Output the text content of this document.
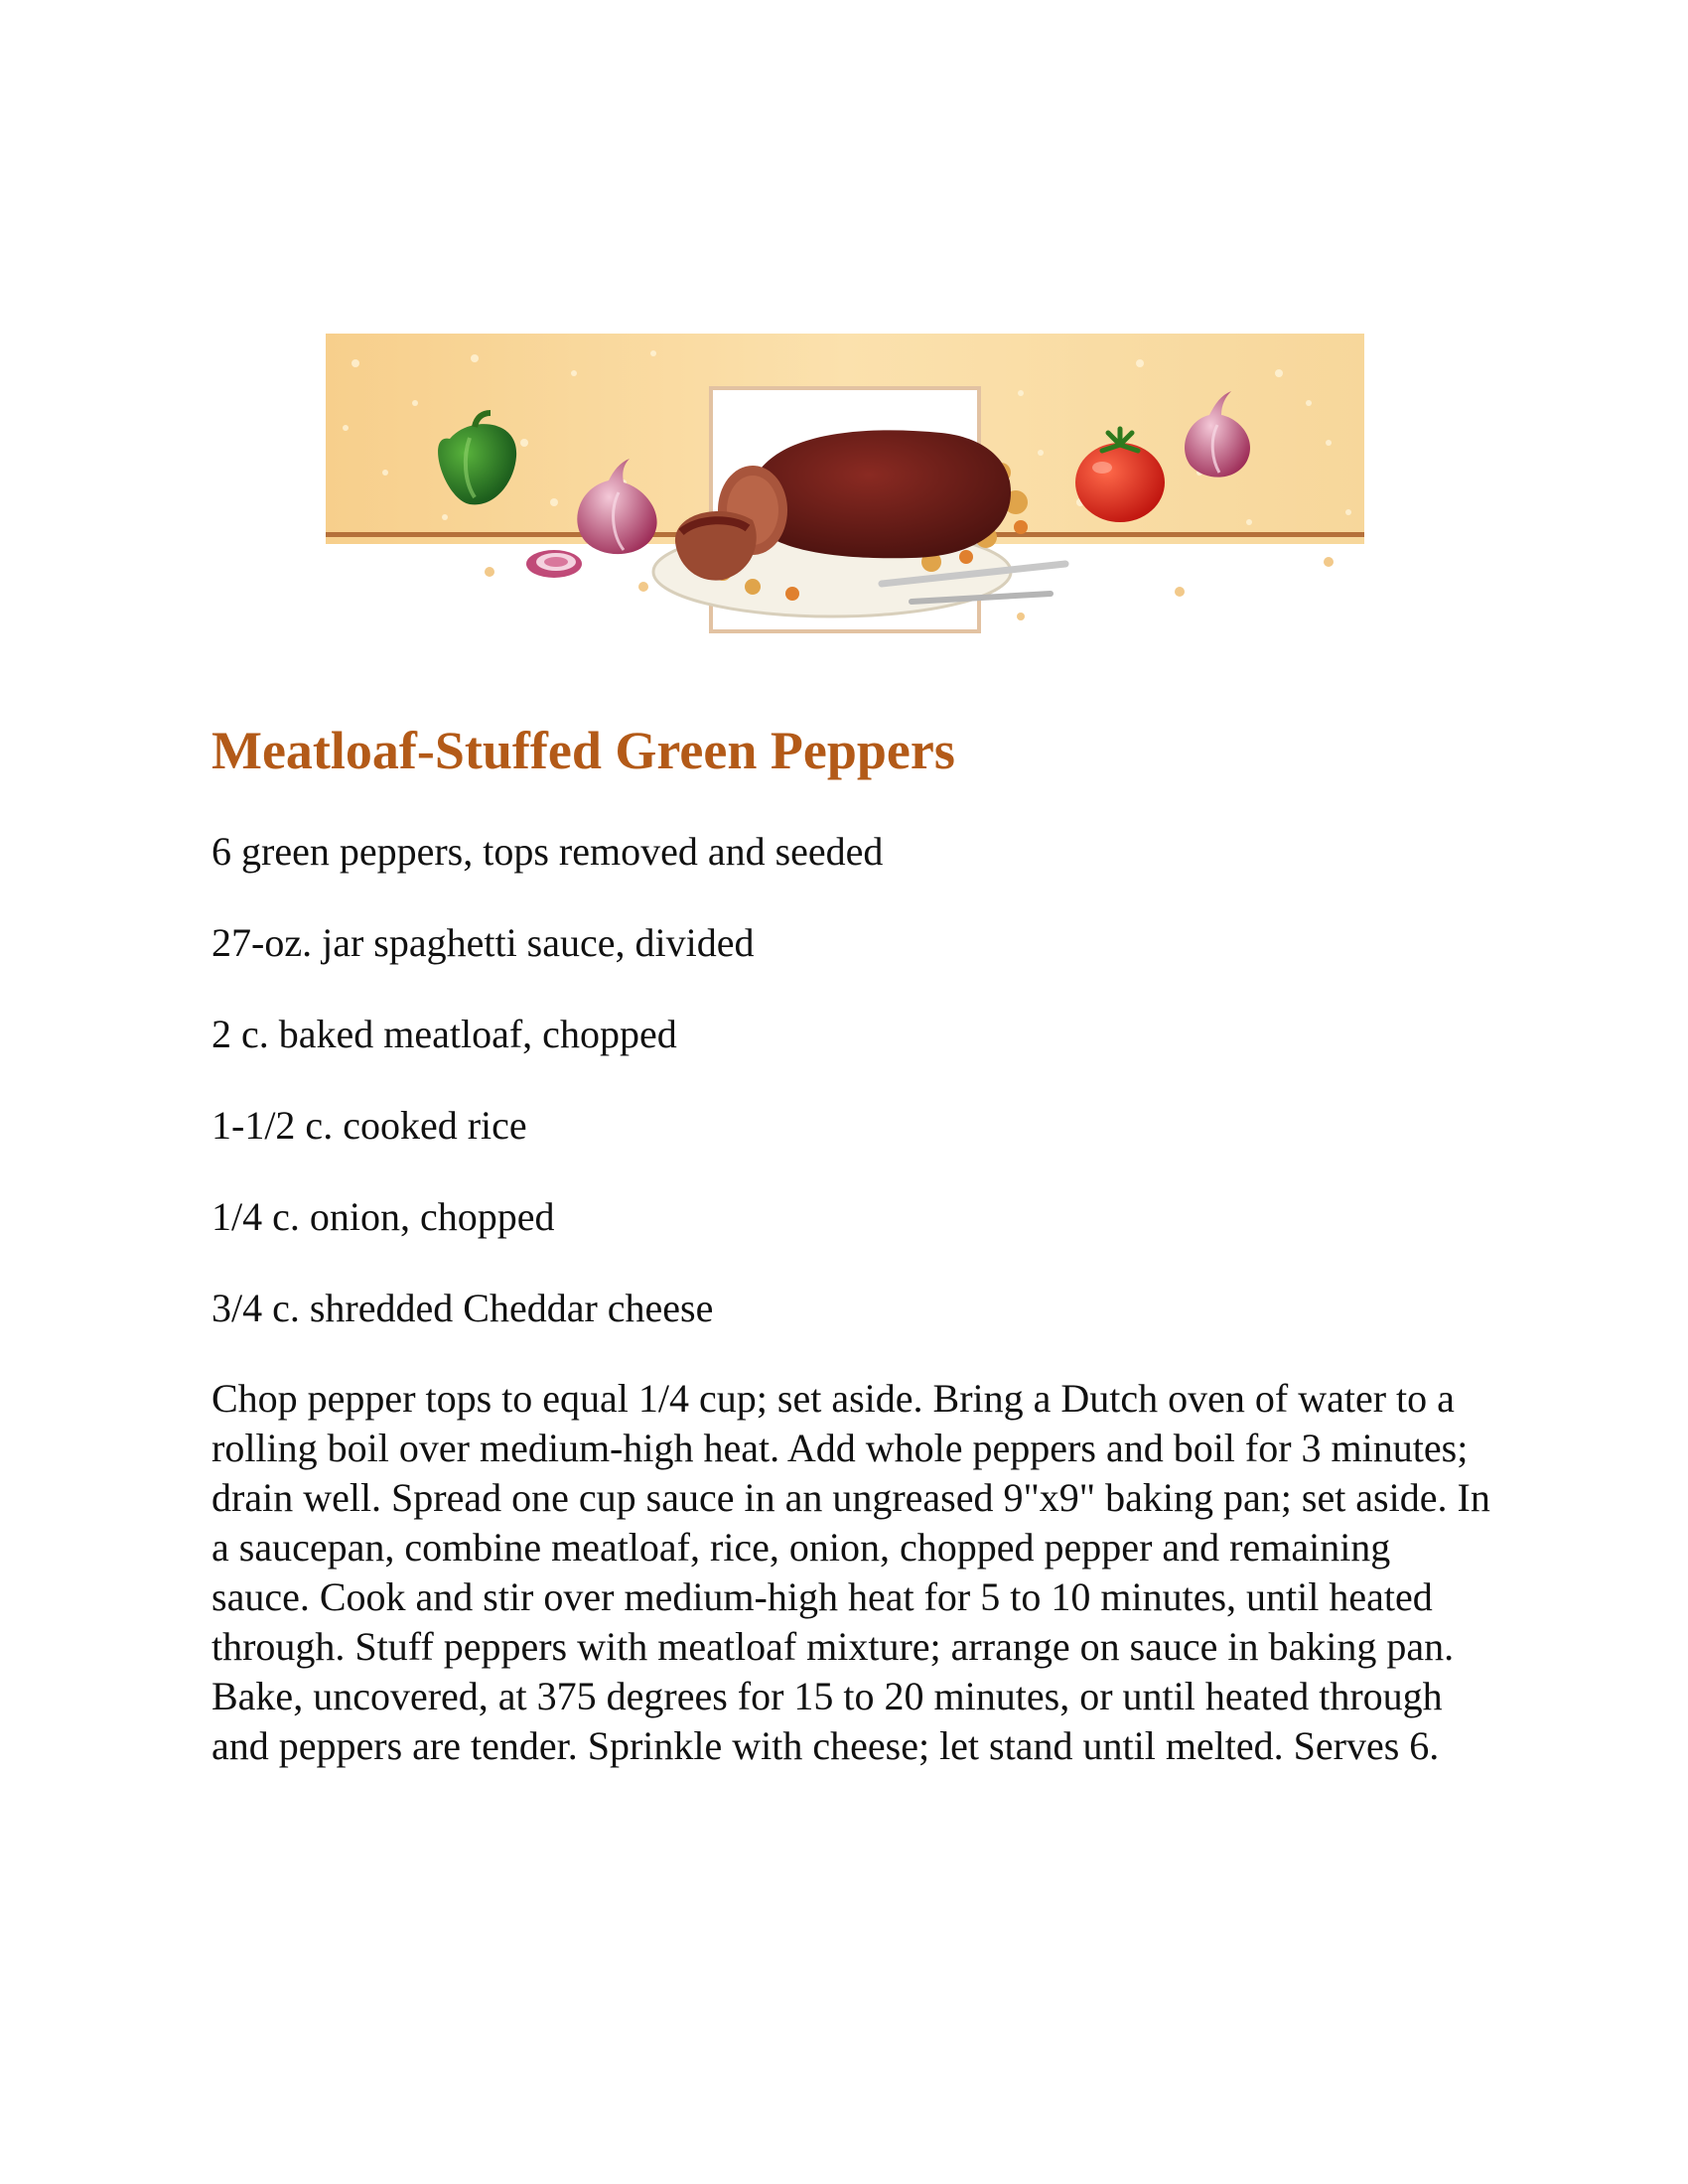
Meatloaf-Stuffed Green Peppers
6 green peppers, tops removed and seeded
27-oz. jar spaghetti sauce, divided
2 c. baked meatloaf, chopped
1-1/2 c. cooked rice
1/4 c. onion, chopped
3/4 c. shredded Cheddar cheese

Chop pepper tops to equal 1/4 cup; set aside. Bring a Dutch oven of water to a rolling boil over medium-high heat. Add whole peppers and boil for 3 minutes; drain well. Spread one cup sauce in an ungreased 9"x9" baking pan; set aside. In a saucepan, combine meatloaf, rice, onion, chopped pepper and remaining sauce. Cook and stir over medium-high heat for 5 to 10 minutes, until heated through. Stuff peppers with meatloaf mixture; arrange on sauce in baking pan. Bake, uncovered, at 375 degrees for 15 to 20 minutes, or until heated through and peppers are tender. Sprinkle with cheese; let stand until melted. Serves 6.
